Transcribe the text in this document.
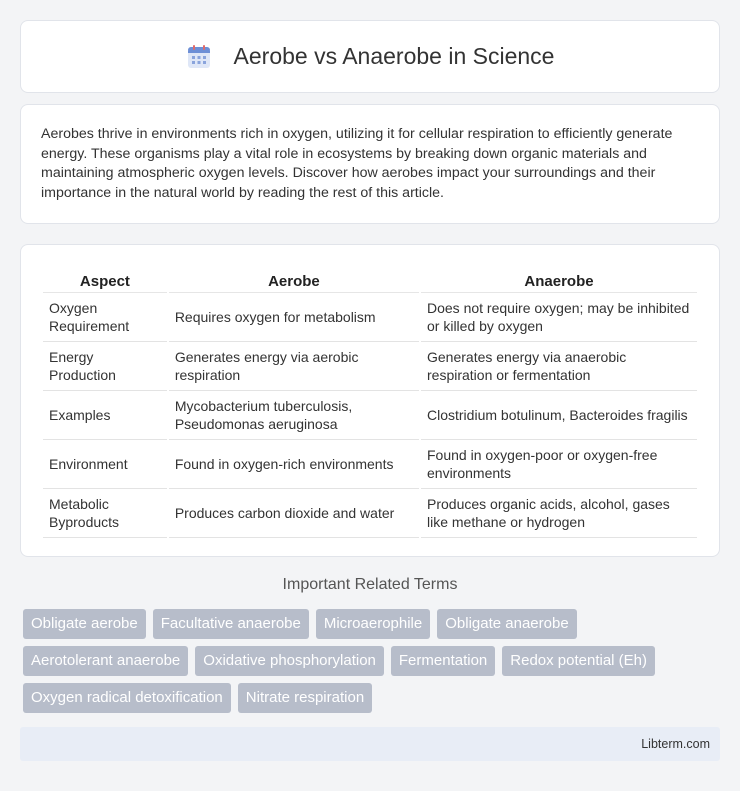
Aerobe vs Anaerobe in Science

Aerobes thrive in environments rich in oxygen, utilizing it for cellular respiration to efficiently generate energy. These organisms play a vital role in ecosystems by breaking down organic materials and maintaining atmospheric oxygen levels. Discover how aerobes impact your surroundings and their importance in the natural world by reading the rest of this article.

Aspect	Aerobe	Anaerobe
Oxygen Requirement	Requires oxygen for metabolism	Does not require oxygen; may be inhibited or killed by oxygen
Energy Production	Generates energy via aerobic respiration	Generates energy via anaerobic respiration or fermentation
Examples	Mycobacterium tuberculosis, Pseudomonas aeruginosa	Clostridium botulinum, Bacteroides fragilis
Environment	Found in oxygen-rich environments	Found in oxygen-poor or oxygen-free environments
Metabolic Byproducts	Produces carbon dioxide and water	Produces organic acids, alcohol, gases like methane or hydrogen
Important Related Terms
Obligate aerobe	Facultative anaerobe	Microaerophile	Obligate anaerobe
Aerotolerant anaerobe	Oxidative phosphorylation	Fermentation	Redox potential (Eh)
Oxygen radical detoxification	Nitrate respiration
Libterm.com
